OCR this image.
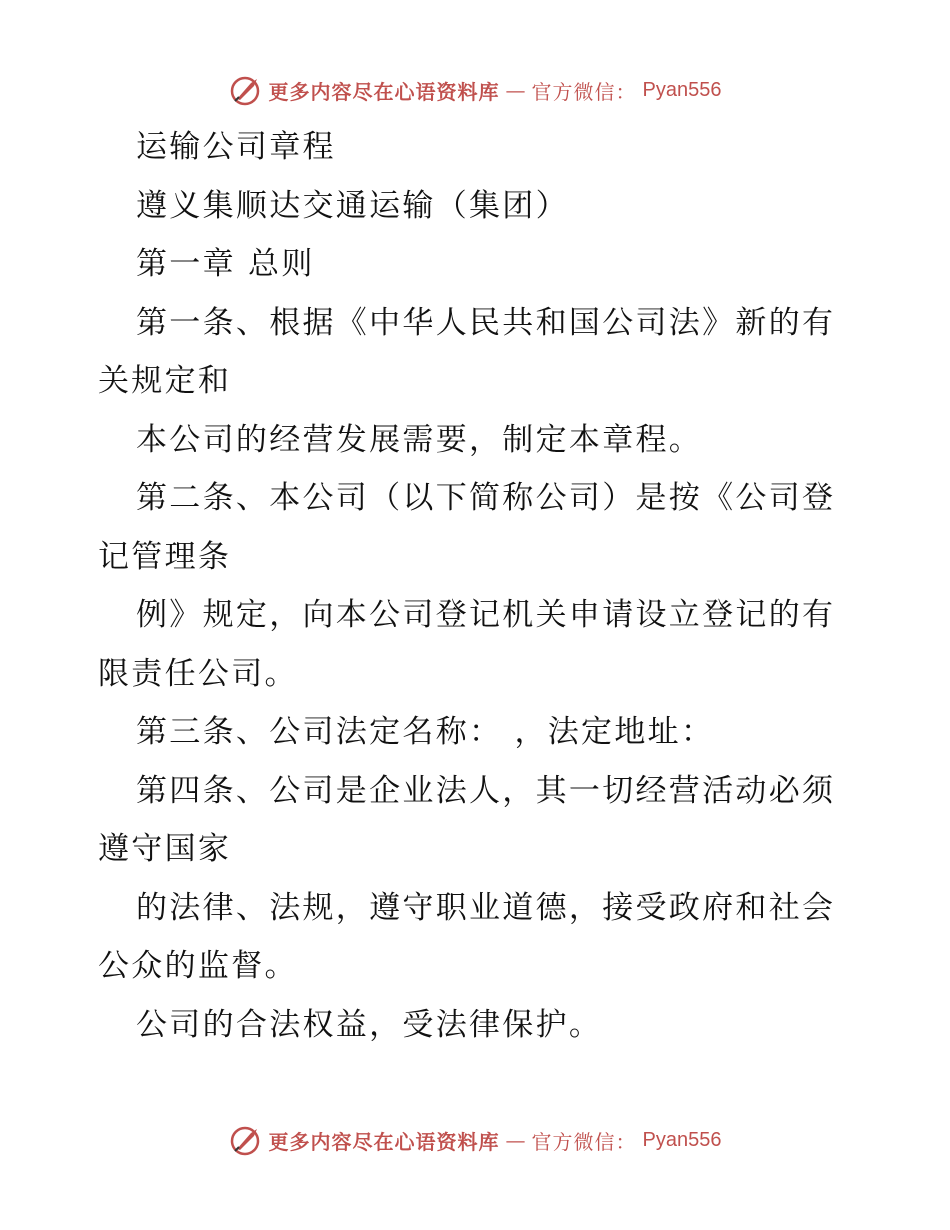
更多内容尽在心语资料库 — 官方微信： Pyan556

运输公司章程

遵义集顺达交通运输（集团）

第一章 总则

第一条、根据《中华人民共和国公司法》新的有关规定和

本公司的经营发展需要，制定本章程。

第二条、本公司（以下简称公司）是按《公司登记管理条

例》规定，向本公司登记机关申请设立登记的有限责任公司。

第三条、公司法定名称： ，法定地址：

第四条、公司是企业法人，其一切经营活动必须遵守国家

的法律、法规，遵守职业道德，接受政府和社会公众的监督。

公司的合法权益，受法律保护。

更多内容尽在心语资料库 — 官方微信： Pyan556
